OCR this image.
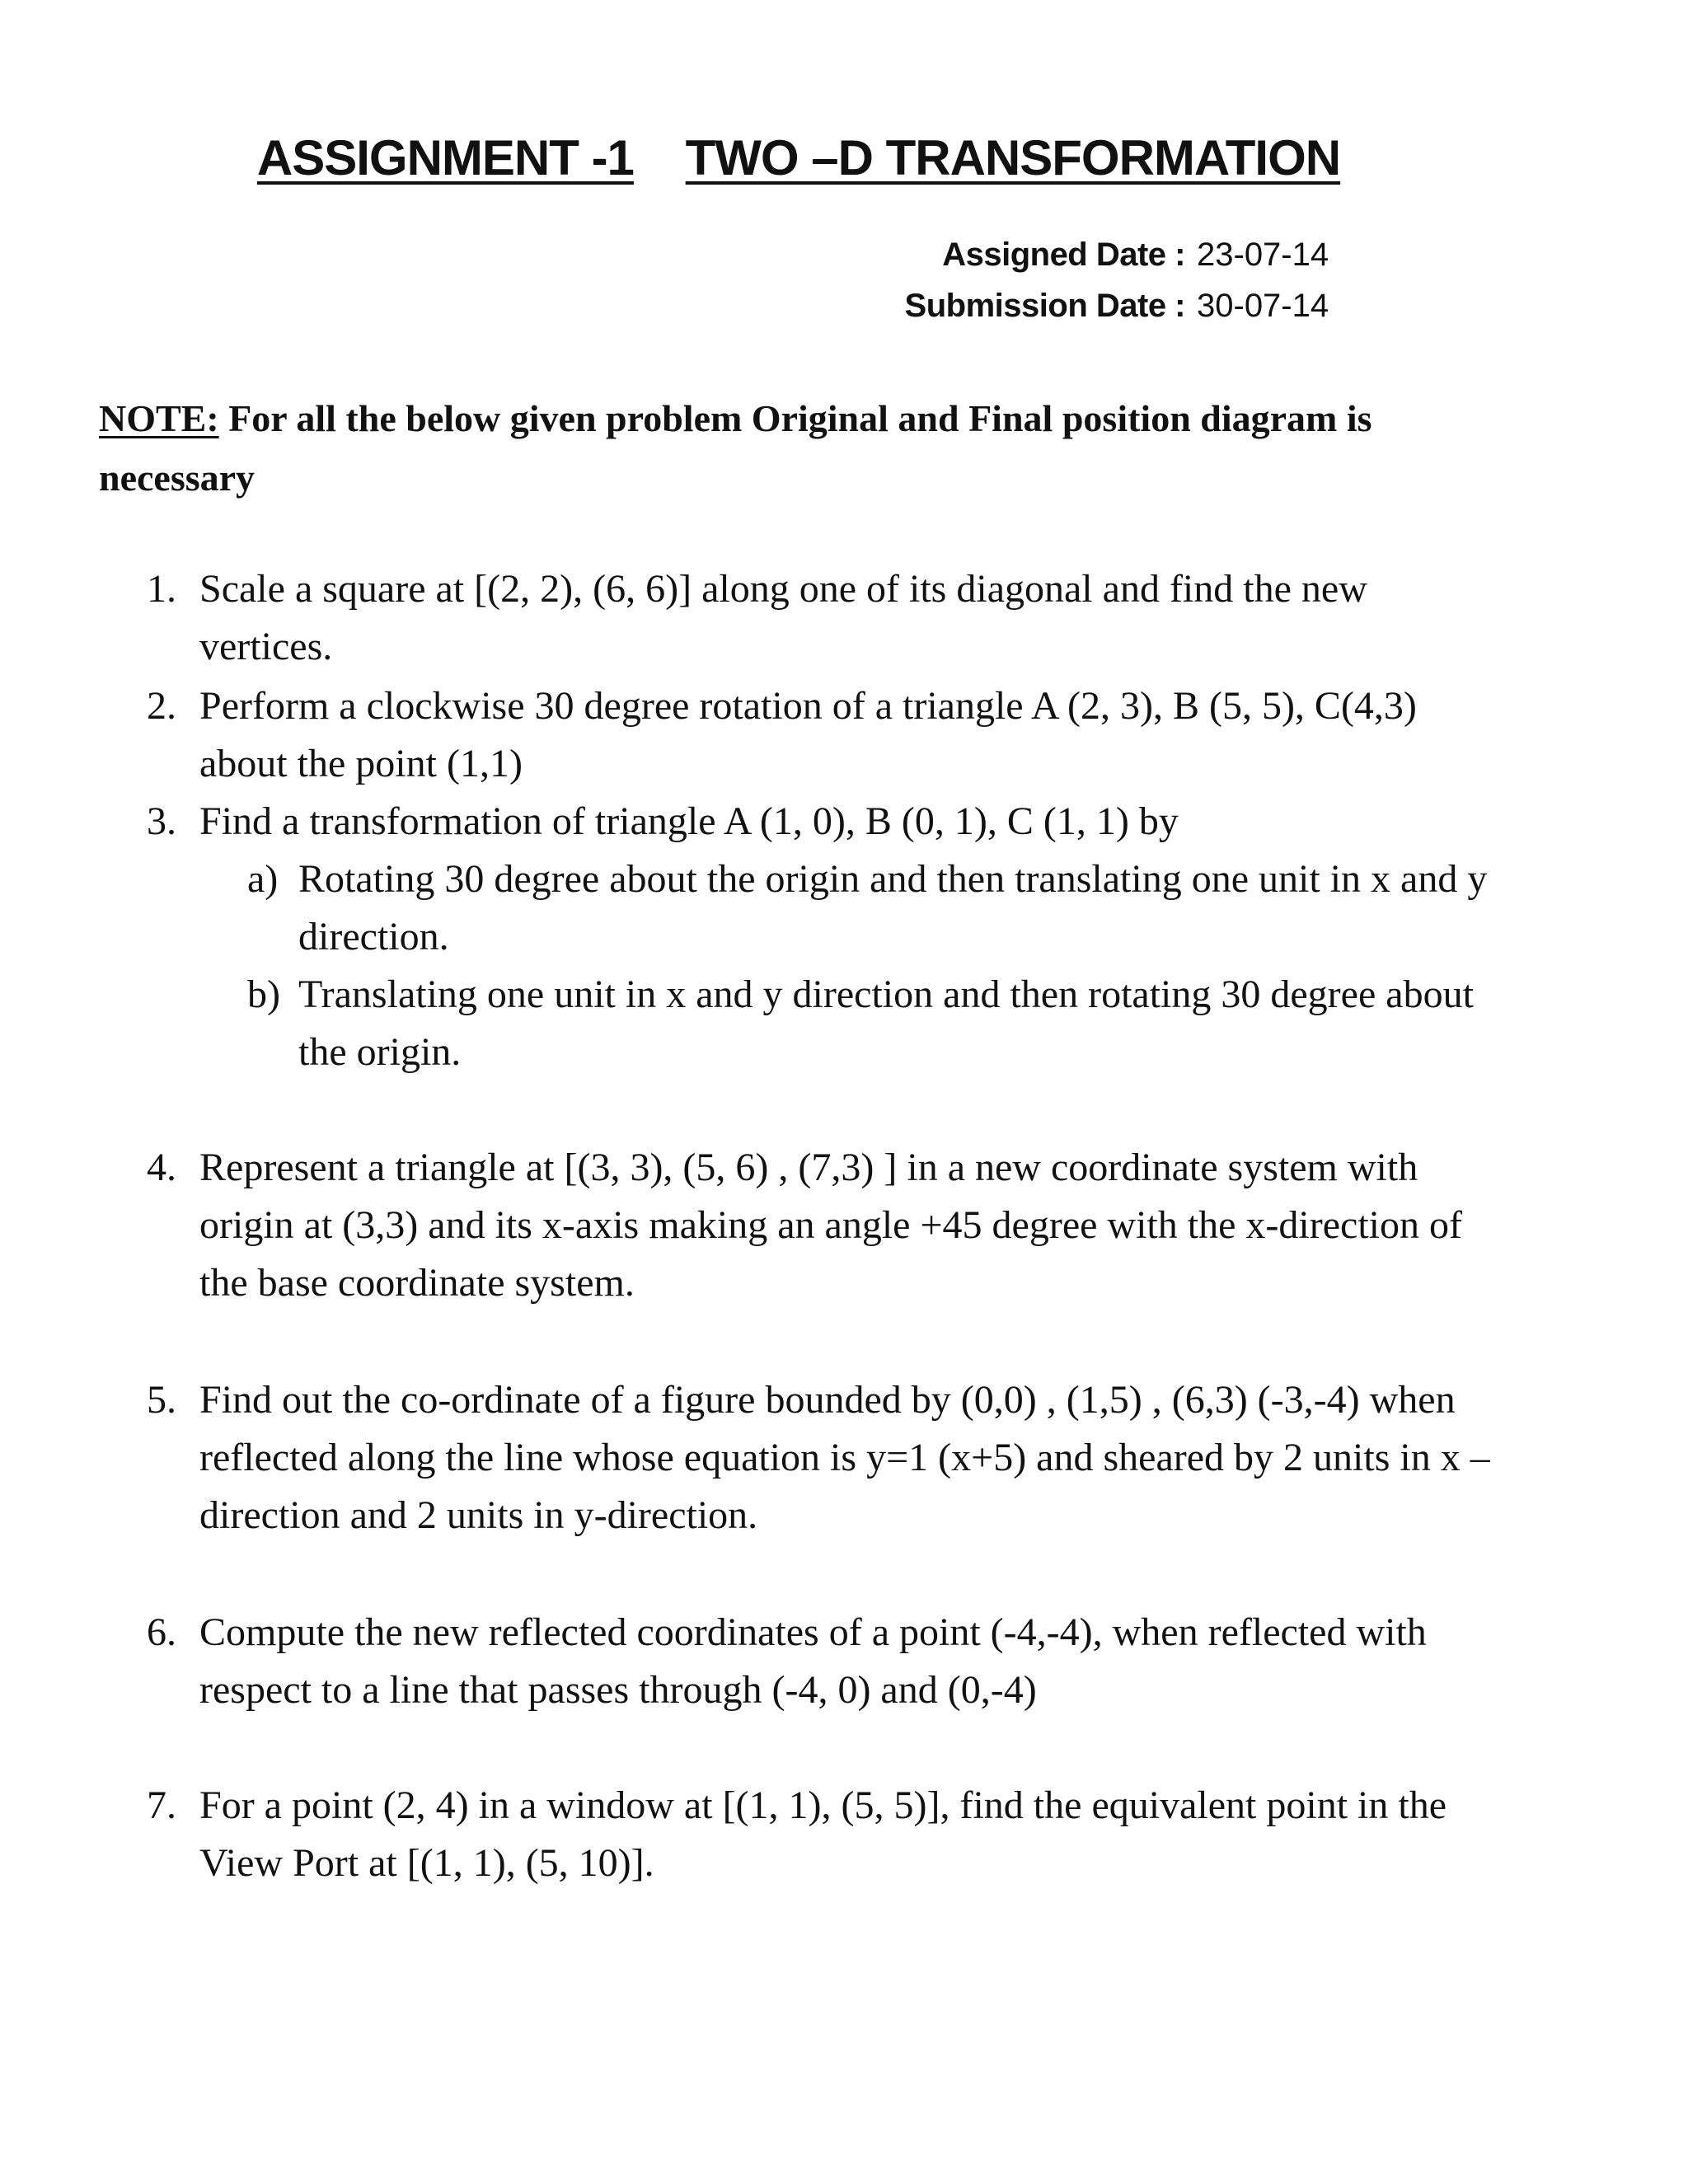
ASSIGNMENT -1 TWO –D TRANSFORMATION
Assigned Date : 23-07-14
Submission Date : 30-07-14
NOTE: For all the below given problem Original and Final position diagram is necessary
1. Scale a square at [(2, 2), (6, 6)] along one of its diagonal and find the new vertices.
2. Perform a clockwise 30 degree rotation of a triangle A (2, 3), B (5, 5), C(4,3) about the point (1,1)
3. Find a transformation of triangle A (1, 0), B (0, 1), C (1, 1) by
a) Rotating 30 degree about the origin and then translating one unit in x and y direction.
b) Translating one unit in x and y direction and then rotating 30 degree about the origin.
4. Represent a triangle at [(3, 3), (5, 6) , (7,3) ] in a new coordinate system with origin at (3,3) and its x-axis making an angle +45 degree with the x-direction of the base coordinate system.
5. Find out the co-ordinate of a figure bounded by (0,0) , (1,5) , (6,3) (-3,-4) when reflected along the line whose equation is y=1 (x+5) and sheared by 2 units in x –direction and 2 units in y-direction.
6. Compute the new reflected coordinates of a point (-4,-4), when reflected with respect to a line that passes through (-4, 0) and (0,-4)
7. For a point (2, 4) in a window at [(1, 1), (5, 5)], find the equivalent point in the View Port at [(1, 1), (5, 10)].
